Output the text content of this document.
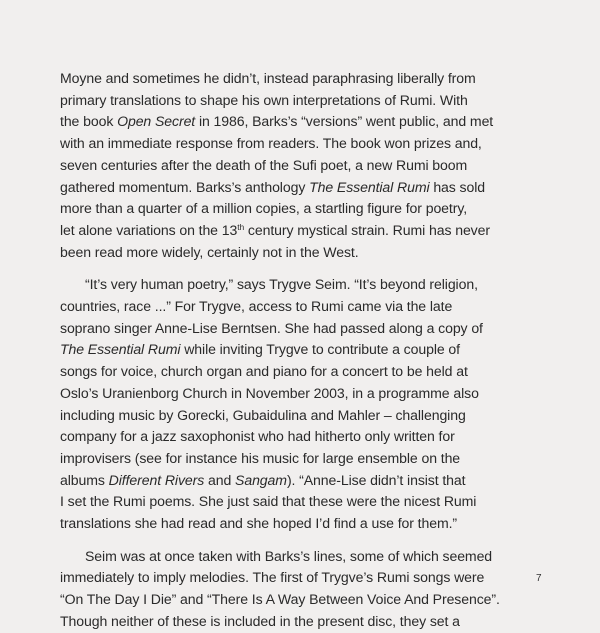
Moyne and sometimes he didn’t, instead paraphrasing liberally from
primary translations to shape his own interpretations of Rumi. With
the book Open Secret in 1986, Barks’s “versions” went public, and met
with an immediate response from readers. The book won prizes and,
seven centuries after the death of the Sufi poet, a new Rumi boom
gathered momentum. Barks’s anthology The Essential Rumi has sold
more than a quarter of a million copies, a startling figure for poetry,
let alone variations on the 13th century mystical strain. Rumi has never
been read more widely, certainly not in the West.
“It’s very human poetry,” says Trygve Seim. “It’s beyond religion,
countries, race ...” For Trygve, access to Rumi came via the late
soprano singer Anne-Lise Berntsen. She had passed along a copy of
The Essential Rumi while inviting Trygve to contribute a couple of
songs for voice, church organ and piano for a concert to be held at
Oslo’s Uranienborg Church in November 2003, in a programme also
including music by Gorecki, Gubaidulina and Mahler – challenging
company for a jazz saxophonist who had hitherto only written for
improvisers (see for instance his music for large ensemble on the
albums Different Rivers and Sangam). “Anne-Lise didn’t insist that
I set the Rumi poems. She just said that these were the nicest Rumi
translations she had read and she hoped I’d find a use for them.”
Seim was at once taken with Barks’s lines, some of which seemed
immediately to imply melodies. The first of Trygve’s Rumi songs were
“On The Day I Die” and “There Is A Way Between Voice And Presence”.
Though neither of these is included in the present disc, they set a
7
